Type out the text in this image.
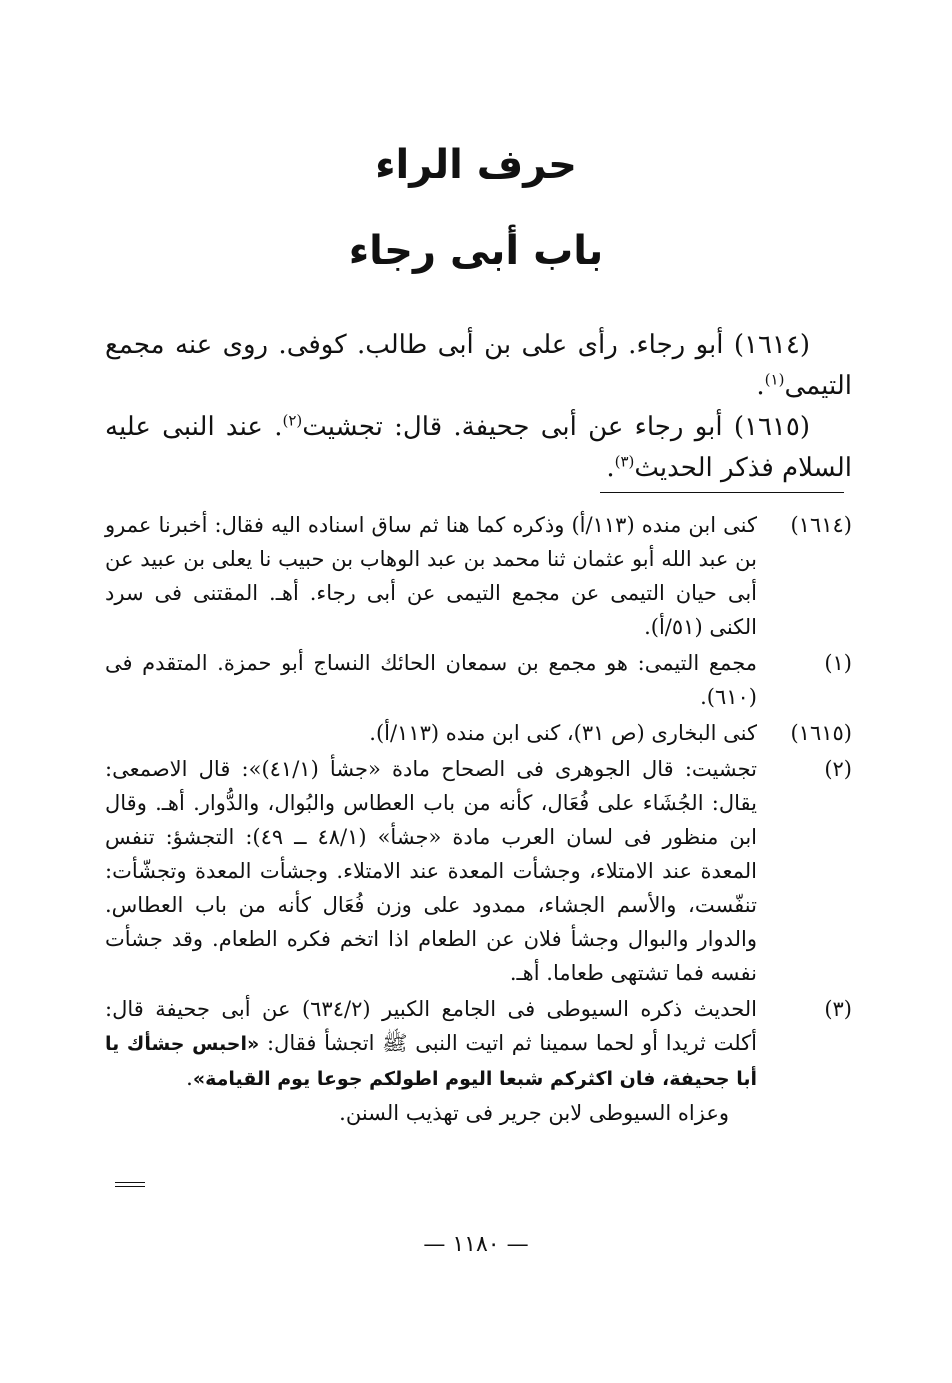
حرف الراء
باب أبى رجاء

(١٦١٤) أبو رجاء. رأى على بن أبى طالب. كوفى. روى عنه مجمع التيمى$^{(١)}$.

(١٦١٥) أبو رجاء عن أبى جحيفة. قال: تجشيت$^{(٢)}$. عند النبى عليه السلام فذكر الحديث$^{(٣)}$.

(١٦١٤)
كنى ابن منده (١١٣/أ) وذكره كما هنا ثم ساق اسناده اليه فقال: أخبرنا عمرو بن عبد الله أبو عثمان ثنا محمد بن عبد الوهاب بن حبيب نا يعلى بن عبيد عن أبى حيان التيمى عن مجمع التيمى عن أبى رجاء. أهـ. المقتنى فى سرد الكنى (٥١/أ).
(١)
مجمع التيمى: هو مجمع بن سمعان الحائك النساج أبو حمزة. المتقدم فى (٦١٠).
(١٦١٥)
كنى البخارى (ص ٣١)، كنى ابن منده (١١٣/أ).
(٢)
تجشيت: قال الجوهرى فى الصحاح مادة «جشأ (٤١/١)»: قال الاصمعى: يقال: الجُشَاء على فُعَال، كأنه من باب العطاس والبُوال، والدُّوار. أهـ. وقال ابن منظور فى لسان العرب مادة «جشأ» (٤٨/١ ــ ٤٩): التجشؤ: تنفس المعدة عند الامتلاء، وجشأت المعدة عند الامتلاء. وجشأت المعدة وتجشّأت: تنفّست، والأسم الجشاء، ممدود على وزن فُعَال كأنه من باب العطاس. والدوار والبوال وجشأ فلان عن الطعام اذا اتخم فكره الطعام. وقد جشأت نفسه فما تشتهى طعاما. أهـ.
(٣)

الحديث ذكره السيوطى فى الجامع الكبير (٦٣٤/٢) عن أبى جحيفة قال: أكلت ثريدا أو لحما سمينا ثم اتيت النبى ﷺ اتجشأ فقال: «احبس جشأك يا أبا جحيفة، فان اكثركم شبعا اليوم اطولكم جوعا يوم القيامة».

وعزاه السيوطى لابن جرير فى تهذيب السنن.

— ١١٨٠ —
